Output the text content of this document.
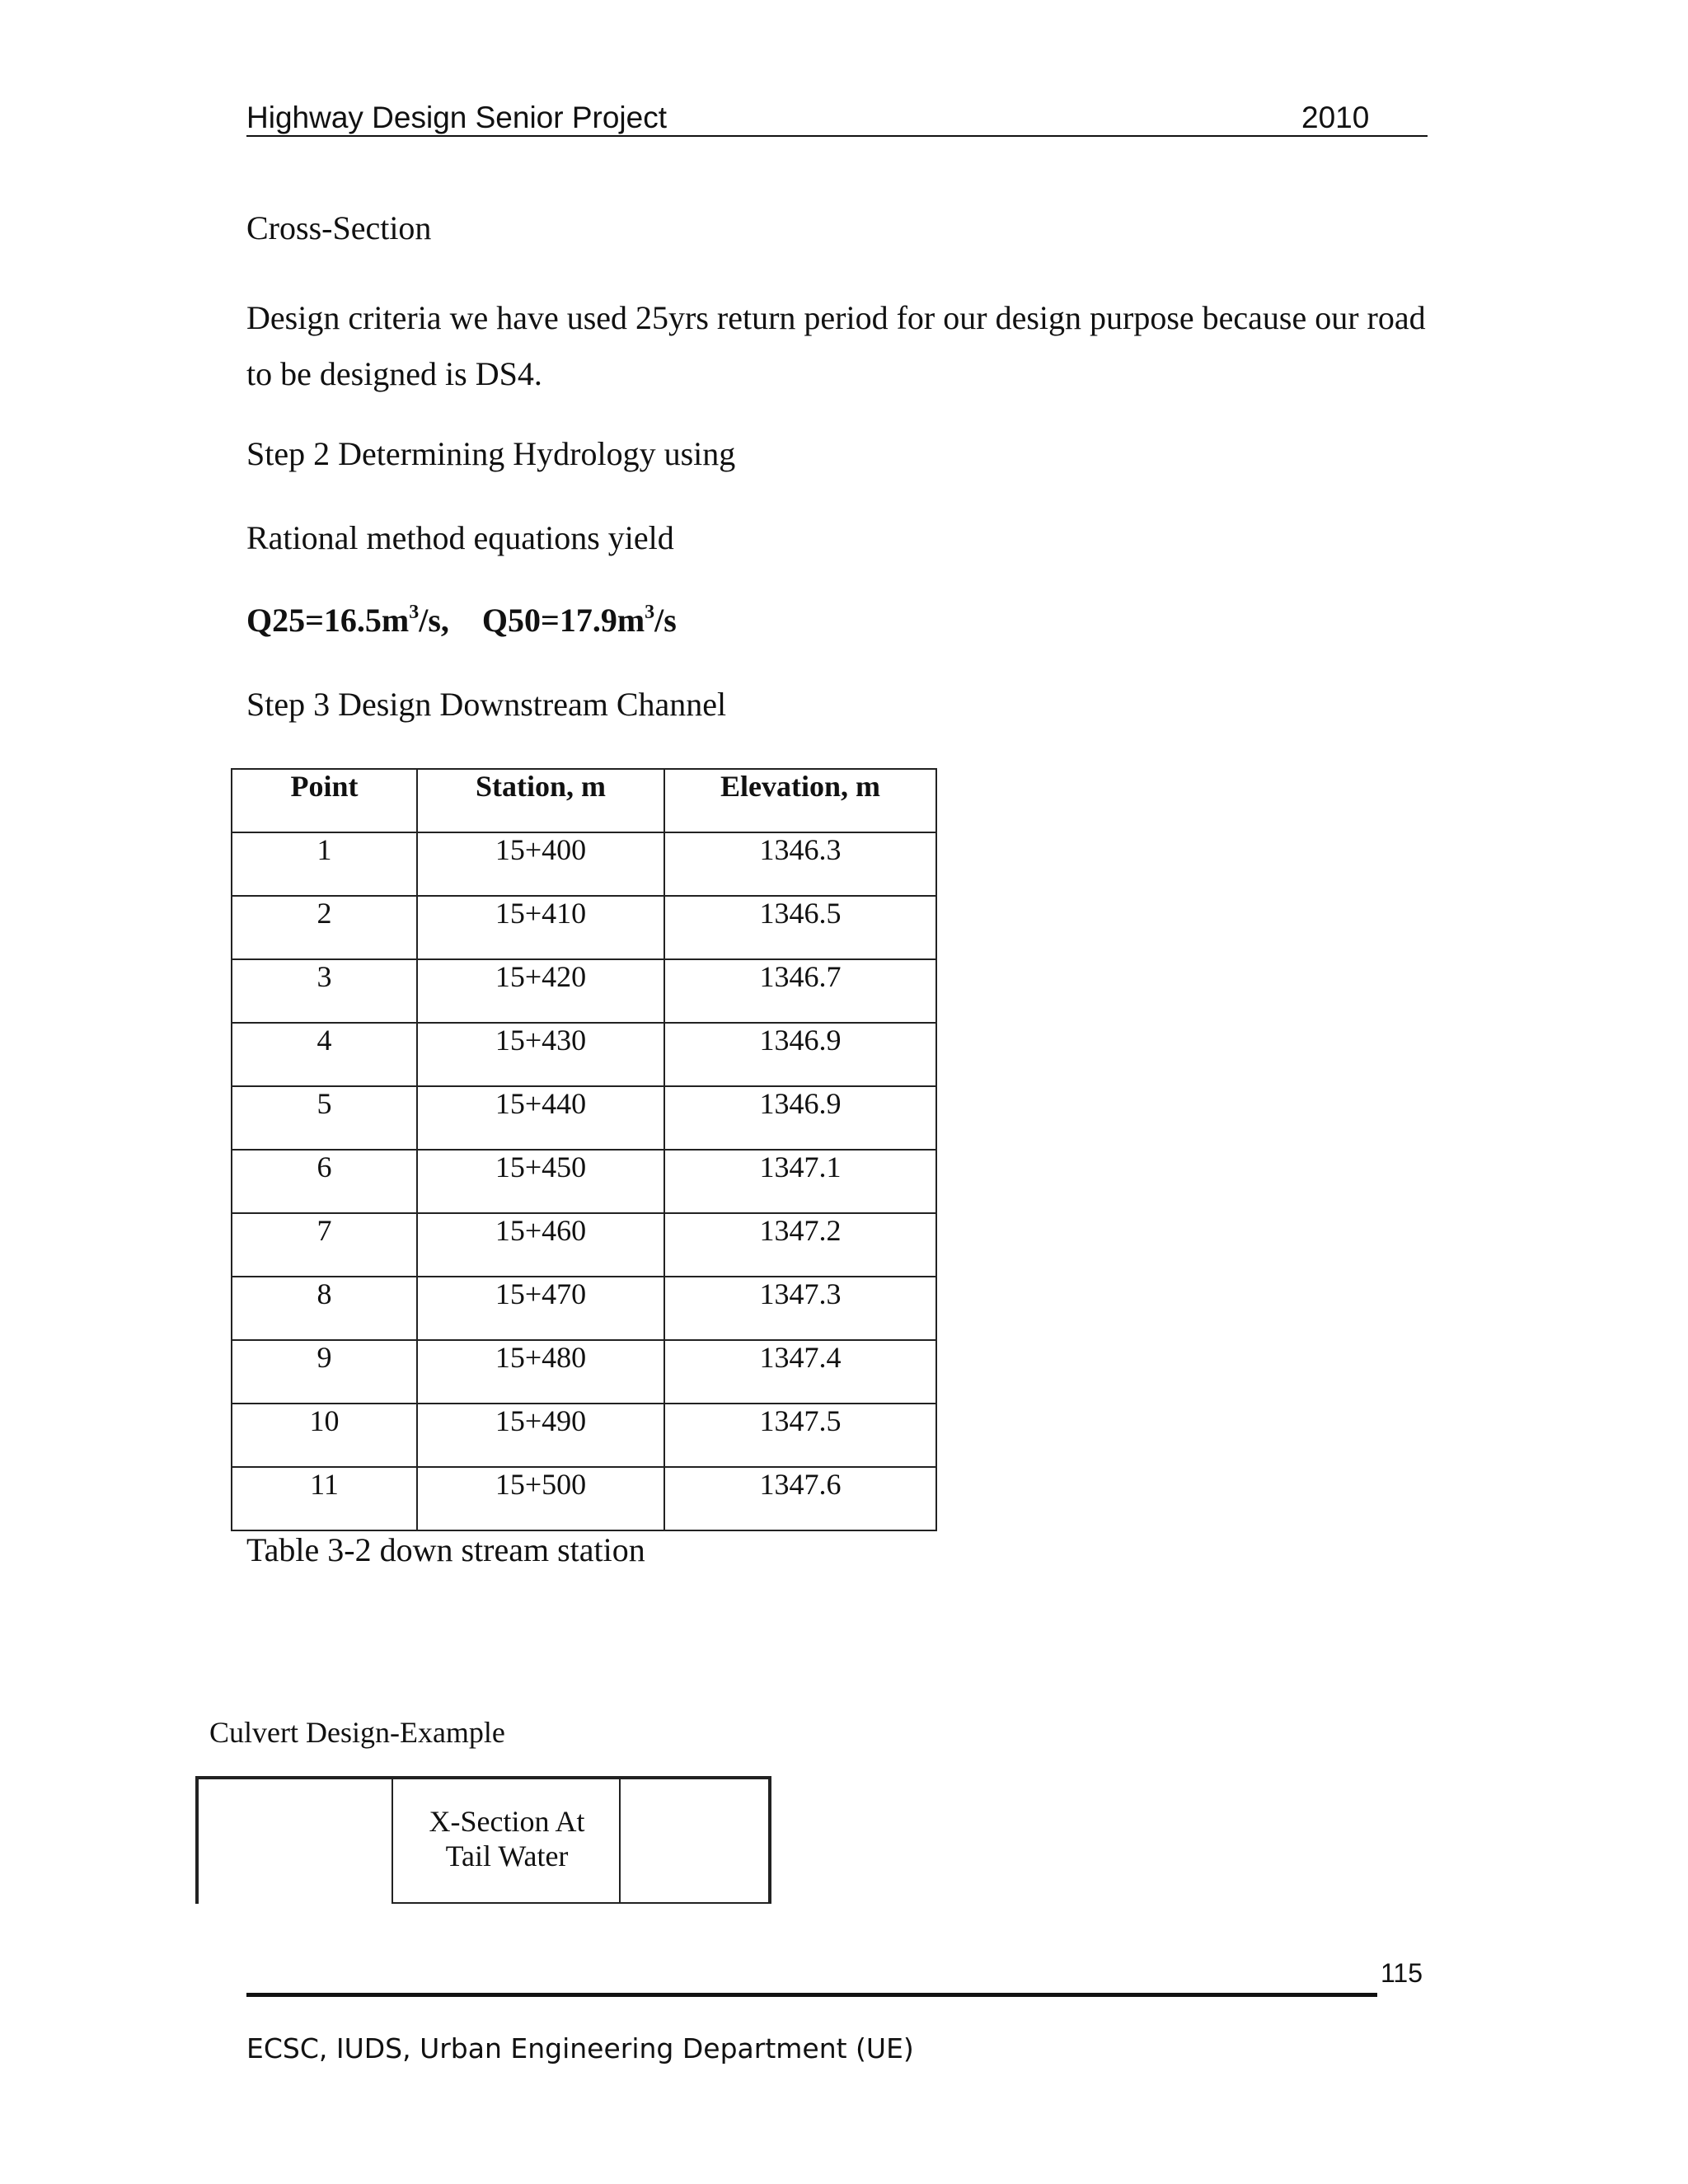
Highway Design Senior Project	2010
Cross-Section
Design criteria we have used 25yrs return period for our design purpose because our road to be designed is DS4.
Step 2 Determining Hydrology using
Rational method equations yield
$Q25=16.5m^3/s$, $Q50=17.9m^3/s$
Step 3 Design Downstream Channel
Point	Station, m	Elevation, m
1	15+400	1346.3
2	15+410	1346.5
3	15+420	1346.7
4	15+430	1346.9
5	15+440	1346.9
6	15+450	1347.1
7	15+460	1347.2
8	15+470	1347.3
9	15+480	1347.4
10	15+490	1347.5
11	15+500	1347.6
Table 3-2 down stream station
Culvert Design-Example
X-Section At
Tail Water
115
ECSC, IUDS, Urban Engineering Department (UE)
